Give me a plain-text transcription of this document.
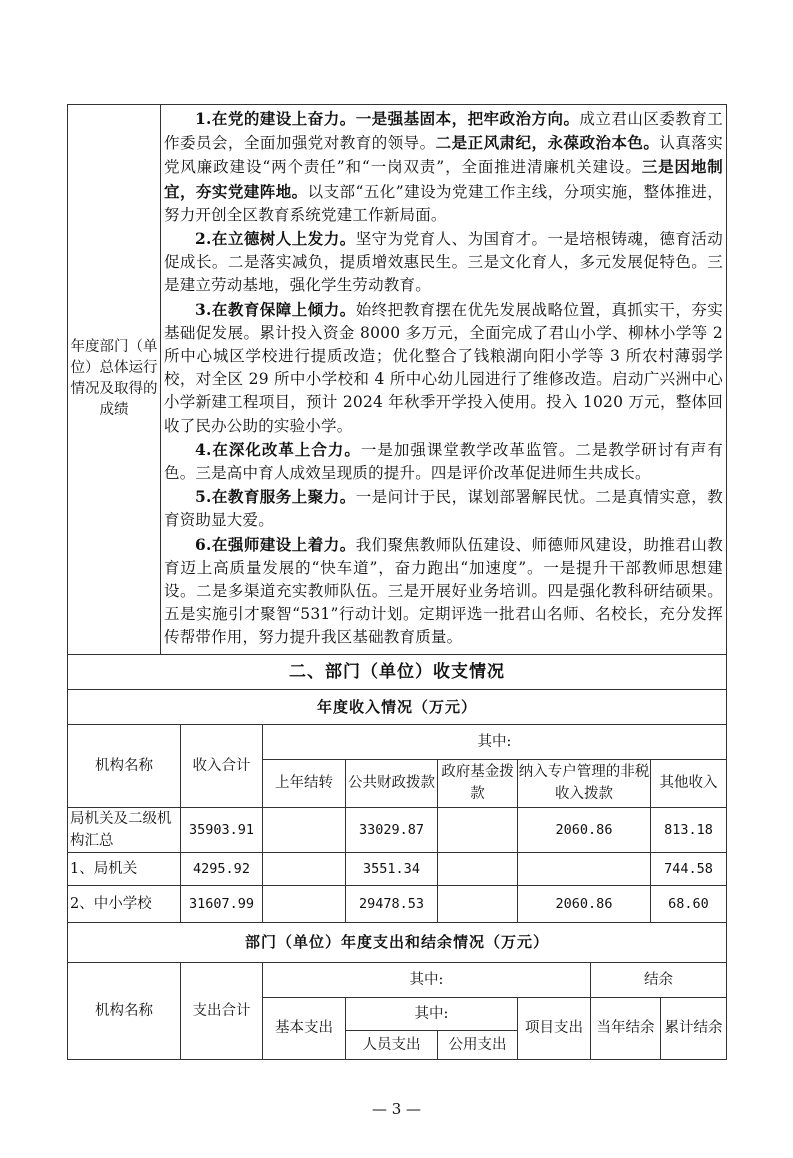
年度部门（单位）总体运行情况及取得的成绩	

1.在党的建设上奋力。一是强基固本，把牢政治方向。成立君山区委教育工作委员会，全面加强党对教育的领导。二是正风肃纪，永葆政治本色。认真落实党风廉政建设“两个责任”和“一岗双责”，全面推进清廉机关建设。三是因地制宜，夯实党建阵地。以支部“五化”建设为党建工作主线，分项实施，整体推进，努力开创全区教育系统党建工作新局面。

2.在立德树人上发力。坚守为党育人、为国育才。一是培根铸魂，德育活动促成长。二是落实减负，提质增效惠民生。三是文化育人，多元发展促特色。三是建立劳动基地，强化学生劳动教育。

3.在教育保障上倾力。始终把教育摆在优先发展战略位置，真抓实干，夯实基础促发展。累计投入资金 8000 多万元，全面完成了君山小学、柳林小学等 2 所中心城区学校进行提质改造；优化整合了钱粮湖向阳小学等 3 所农村薄弱学校，对全区 29 所中小学校和 4 所中心幼儿园进行了维修改造。启动广兴洲中心小学新建工程项目，预计 2024 年秋季开学投入使用。投入 1020 万元，整体回收了民办公助的实验小学。

4.在深化改革上合力。一是加强课堂教学改革监管。二是教学研讨有声有色。三是高中育人成效呈现质的提升。四是评价改革促进师生共成长。

5.在教育服务上聚力。一是问计于民，谋划部署解民忧。二是真情实意，教育资助显大爱。

6.在强师建设上着力。我们聚焦教师队伍建设、师德师风建设，助推君山教育迈上高质量发展的“快车道”，奋力跑出“加速度”。一是提升干部教师思想建设。二是多渠道充实教师队伍。三是开展好业务培训。四是强化教科研结硕果。五是实施引才聚智“531”行动计划。定期评选一批君山名师、名校长，充分发挥传帮带作用，努力提升我区基础教育质量。

二、部门（单位）收支情况						
年度收入情况（万元）						
机构名称	收入合计	其中:				
		上年结转	公共财政拨款	政府基金拨款	纳入专户管理的非税收入拨款	其他收入
局机关及二级机构汇总	35903.91		33029.87		2060.86	813.18
1、局机关	4295.92		3551.34			744.58
2、中小学校	31607.99		29478.53		2060.86	68.60
部门（单位）年度支出和结余情况（万元）							
机构名称	支出合计	其中:				结余	
		基本支出	其中:		项目支出	当年结余	累计结余
			人员支出	公用支出			
— 3 —
